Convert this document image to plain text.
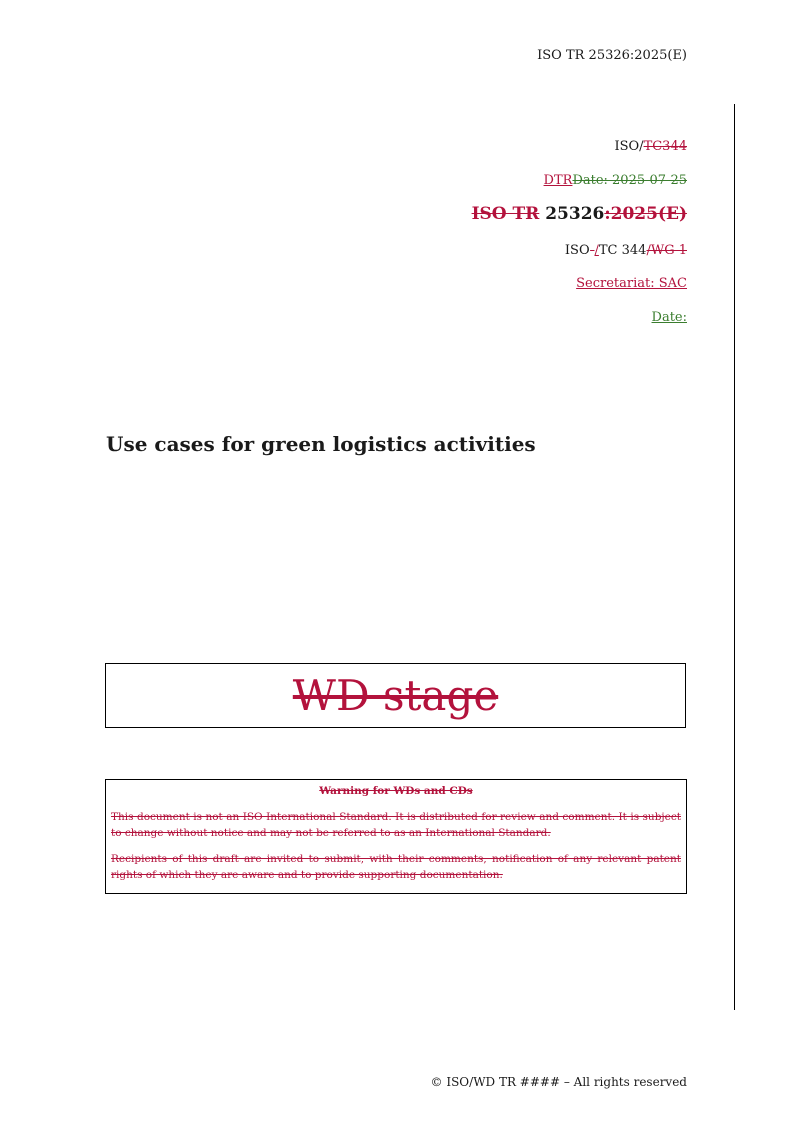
ISO TR 25326:2025(E)
ISO/TC344
DTRDate: 2025-07-25
ISO TR 25326:2025(E)
ISO-/TC 344/WG 1
Secretariat: SAC
Date:
Use cases for green logistics activities
WD stage
Warning for WDs and CDs
This document is not an ISO International Standard. It is distributed for review and comment. It is subject to change without notice and may not be referred to as an International Standard.
Recipients of this draft are invited to submit, with their comments, notification of any relevant patent rights of which they are aware and to provide supporting documentation.
© ISO/WD TR #### – All rights reserved
